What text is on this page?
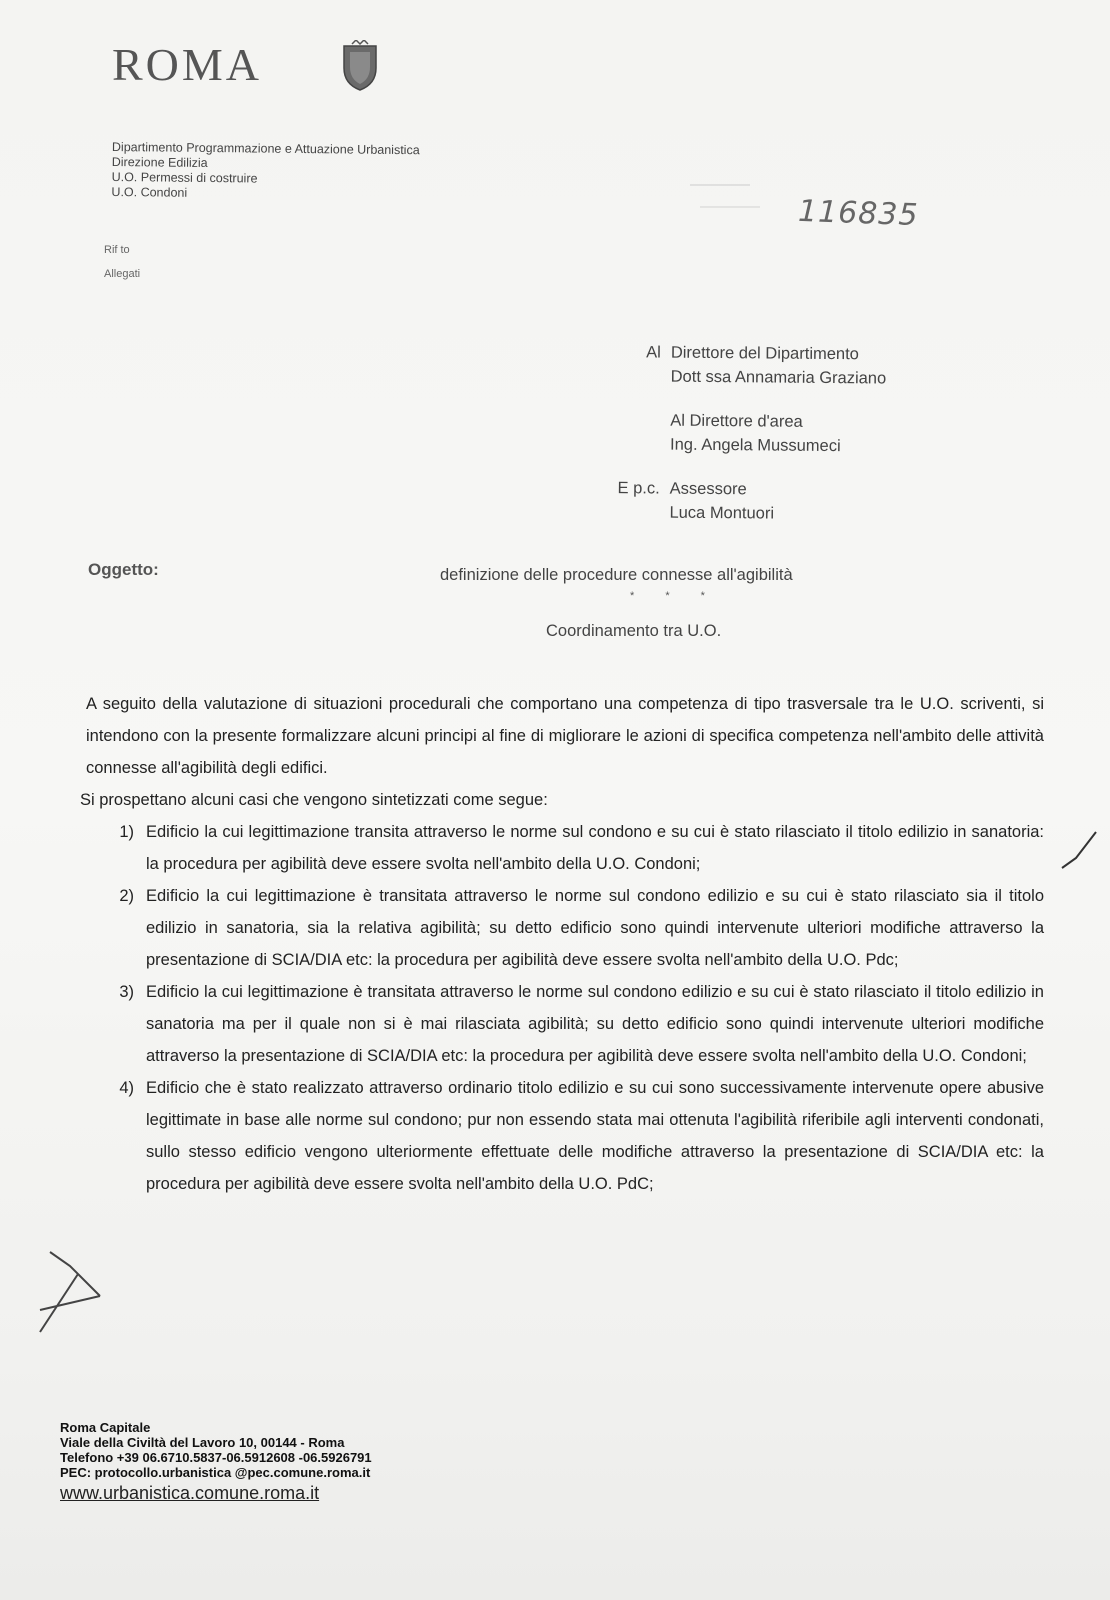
ROMA
Dipartimento Programmazione e Attuazione Urbanistica
Direzione Edilizia
U.O. Permessi di costruire
U.O. Condoni
116835
Rif to
Allegati
Al Direttore del Dipartimento
Dott ssa Annamaria Graziano
Al Direttore d'area
Ing. Angela Mussumeci
E p.c. Assessore
Luca Montuori
Oggetto:	definizione delle procedure connesse all'agibilità
* * *
Coordinamento tra U.O.
A seguito della valutazione di situazioni procedurali che comportano una competenza di tipo trasversale tra le U.O. scriventi, si intendono con la presente formalizzare alcuni principi al fine di migliorare le azioni di specifica competenza nell'ambito delle attività connesse all'agibilità degli edifici.
Si prospettano alcuni casi che vengono sintetizzati come segue:
1) Edificio la cui legittimazione transita attraverso le norme sul condono e su cui è stato rilasciato il titolo edilizio in sanatoria: la procedura per agibilità deve essere svolta nell'ambito della U.O. Condoni;
2) Edificio la cui legittimazione è transitata attraverso le norme sul condono edilizio e su cui è stato rilasciato sia il titolo edilizio in sanatoria, sia la relativa agibilità; su detto edificio sono quindi intervenute ulteriori modifiche attraverso la presentazione di SCIA/DIA etc: la procedura per agibilità deve essere svolta nell'ambito della U.O. Pdc;
3) Edificio la cui legittimazione è transitata attraverso le norme sul condono edilizio e su cui è stato rilasciato il titolo edilizio in sanatoria ma per il quale non si è mai rilasciata agibilità; su detto edificio sono quindi intervenute ulteriori modifiche attraverso la presentazione di SCIA/DIA etc: la procedura per agibilità deve essere svolta nell'ambito della U.O. Condoni;
4) Edificio che è stato realizzato attraverso ordinario titolo edilizio e su cui sono successivamente intervenute opere abusive legittimate in base alle norme sul condono; pur non essendo stata mai ottenuta l'agibilità riferibile agli interventi condonati, sullo stesso edificio vengono ulteriormente effettuate delle modifiche attraverso la presentazione di SCIA/DIA etc: la procedura per agibilità deve essere svolta nell'ambito della U.O. PdC;
Roma Capitale
Viale della Civiltà del Lavoro 10, 00144 - Roma
Telefono +39 06.6710.5837-06.5912608 -06.5926791
PEC: protocollo.urbanistica @pec.comune.roma.it
www.urbanistica.comune.roma.it
